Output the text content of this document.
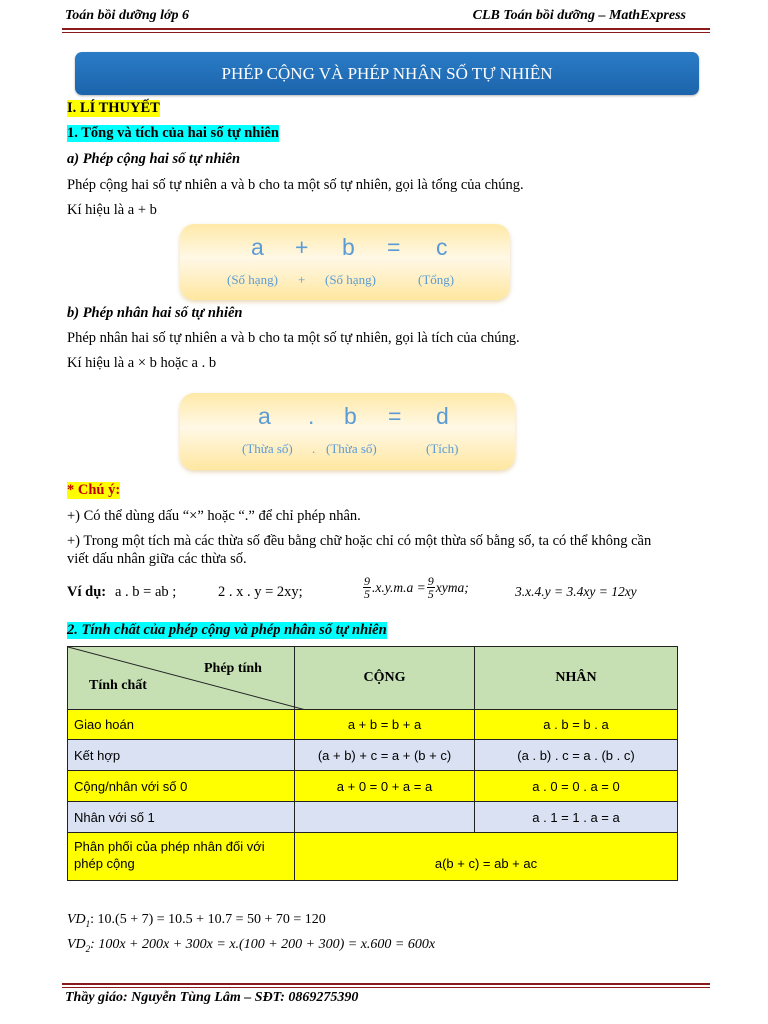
Toán bồi dưỡng lớp 6	CLB Toán bồi dưỡng – MathExpress
PHÉP CỘNG VÀ PHÉP NHÂN SỐ TỰ NHIÊN
I. LÍ THUYẾT
1. Tổng và tích của hai số tự nhiên
a) Phép cộng hai số tự nhiên
Phép cộng hai số tự nhiên a và b cho ta một số tự nhiên, gọi là tổng của chúng.
Kí hiệu là a + b
a + b = c
(Số hạng) + (Số hạng)	(Tổng)
b) Phép nhân hai số tự nhiên
Phép nhân hai số tự nhiên a và b cho ta một số tự nhiên, gọi là tích của chúng.
Kí hiệu là a × b hoặc a . b
a . b = d
(Thừa số) . (Thừa số)	(Tích)
* Chú ý:
+) Có thể dùng dấu “×” hoặc “.” để chỉ phép nhân.
+) Trong một tích mà các thừa số đều bằng chữ hoặc chỉ có một thừa số bằng số, ta có thể không cần
viết dấu nhân giữa các thừa số.
Ví dụ: a . b = ab ;	2 . x . y = 2xy;	$\frac{9}{5} .x.y.m.a = \frac{9}{5}$ xyma;	3.x.4.y = 3.4xy = 12xy
2. Tính chất của phép cộng và phép nhân số tự nhiên
Phép tính
Tính chất	CỘNG	NHÂN
Giao hoán	a + b = b + a	a . b = b . a
Kết hợp	(a + b) + c = a + (b + c)	(a . b) . c = a . (b . c)
Cộng/nhân với số 0	a + 0 = 0 + a = a	a . 0 = 0 . a = 0
Nhân với số 1		a . 1 = 1 . a = a
Phân phối của phép nhân đối với
phép cộng	a(b + c) = ab + ac	
$VD_1$: 10.(5 + 7) = 10.5 + 10.7 = 50 + 70 = 120
$VD_2$: 100x + 200x + 300x = x.(100 + 200 + 300) = x.600 = 600x
Thầy giáo: Nguyễn Tùng Lâm – SĐT: 0869275390
